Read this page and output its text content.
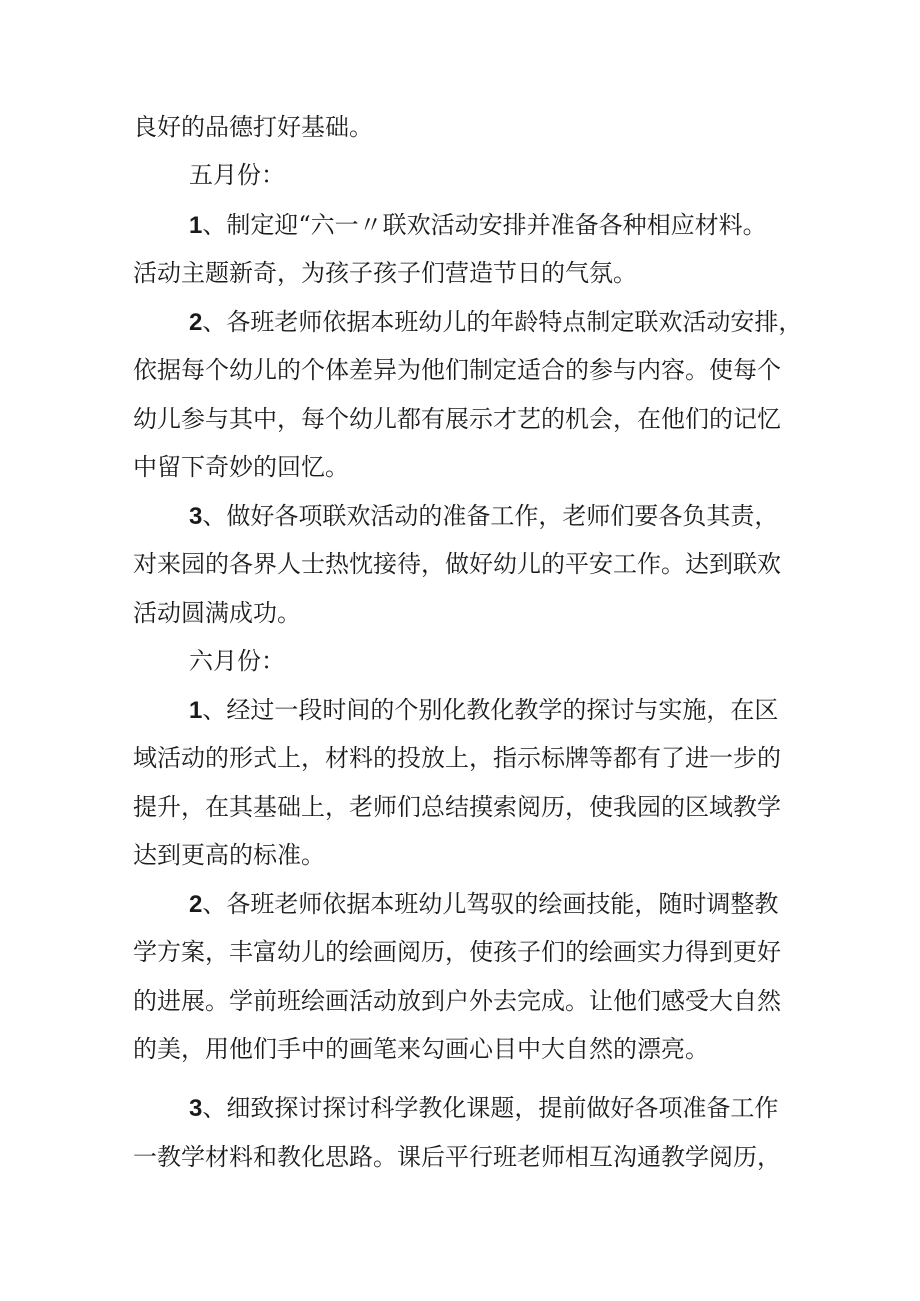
良好的品德打好基础。
五月份：
1、制定迎“六一〃联欢活动安排并准备各种相应材料。
活动主题新奇，为孩子孩子们营造节日的气氛。
2、各班老师依据本班幼儿的年龄特点制定联欢活动安排，
依据每个幼儿的个体差异为他们制定适合的参与内容。使每个
幼儿参与其中，每个幼儿都有展示才艺的机会，在他们的记忆
中留下奇妙的回忆。
3、做好各项联欢活动的准备工作，老师们要各负其责，
对来园的各界人士热忱接待，做好幼儿的平安工作。达到联欢
活动圆满成功。
六月份：
1、经过一段时间的个别化教化教学的探讨与实施，在区
域活动的形式上，材料的投放上，指示标牌等都有了进一步的
提升，在其基础上，老师们总结摸索阅历，使我园的区域教学
达到更高的标准。
2、各班老师依据本班幼儿驾驭的绘画技能，随时调整教
学方案，丰富幼儿的绘画阅历，使孩子们的绘画实力得到更好
的进展。学前班绘画活动放到户外去完成。让他们感受大自然
的美，用他们手中的画笔来勾画心目中大自然的漂亮。
3、细致探讨探讨科学教化课题，提前做好各项准备工作
一教学材料和教化思路。课后平行班老师相互沟通教学阅历，
